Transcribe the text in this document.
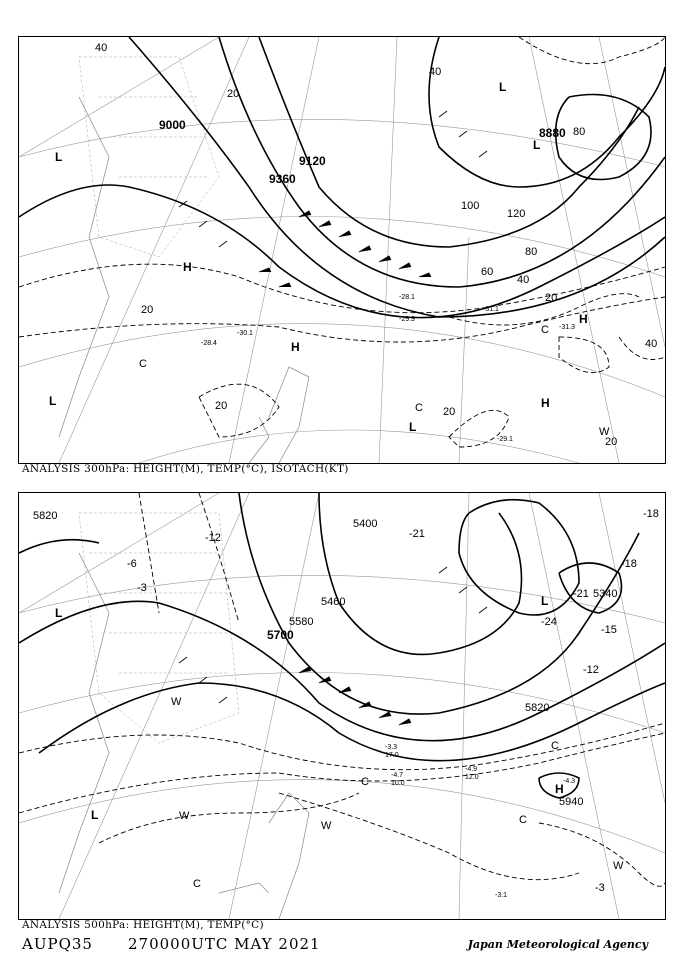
9000
9120
9360
8880
40
60
80
100
120
20
40
20
20	20
40
20
80
40
20
L
H
H
H
H
L
C
C
C
L
L
W
L
-29.1
-31.3
-30.1
-28.4
-29.9
-28.1
-31.1
ANALYSIS 300hPa: HEIGHT(M), TEMP(°C), ISOTACH(KT)
5820
5700
5460
5580
5340
5940
5820
5400
-12
-6
-3
-21
-24
-18
-15
-12
-3
-21
-18
L
L
L
H
W
W
W
W
C
C
C
C
-4.9
12.0
-3.1
-4.3
-4.7
10.0
-3.3
17.0
ANALYSIS 500hPa: HEIGHT(M), TEMP(°C)
AUPQ35 270000UTC MAY 2021	Japan Meteorological Agency
